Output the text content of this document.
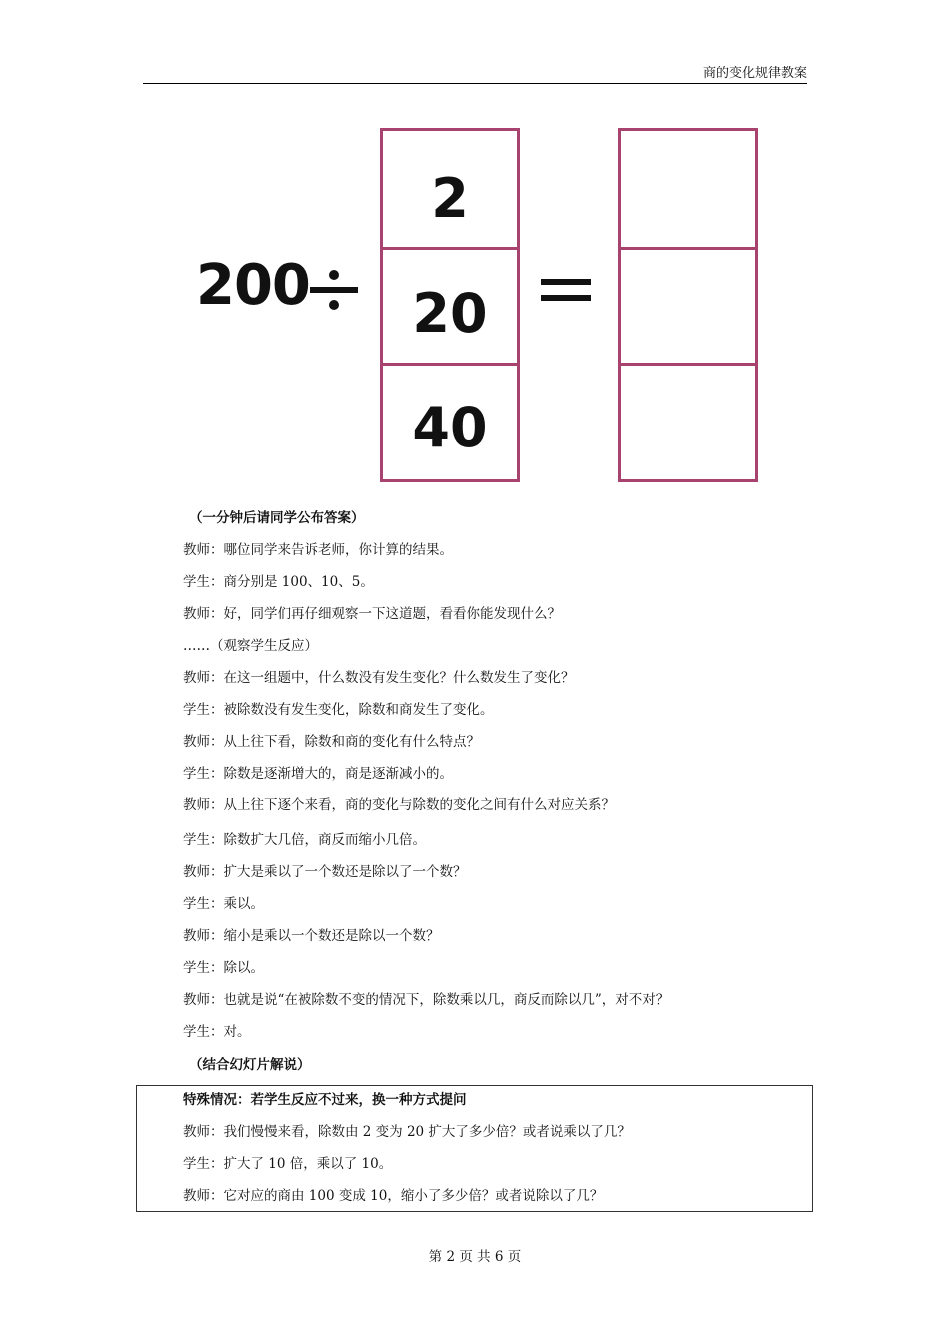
商的变化规律教案
200
2
20
40
（一分钟后请同学公布答案）
教师：哪位同学来告诉老师，你计算的结果。
学生：商分别是 100、10、5。
教师：好，同学们再仔细观察一下这道题，看看你能发现什么？
……（观察学生反应）
教师：在这一组题中，什么数没有发生变化？什么数发生了变化？
学生：被除数没有发生变化，除数和商发生了变化。
教师：从上往下看，除数和商的变化有什么特点？
学生：除数是逐渐增大的，商是逐渐减小的。
教师：从上往下逐个来看，商的变化与除数的变化之间有什么对应关系？
学生：除数扩大几倍，商反而缩小几倍。
教师：扩大是乘以了一个数还是除以了一个数？
学生：乘以。
教师：缩小是乘以一个数还是除以一个数？
学生：除以。
教师：也就是说“在被除数不变的情况下，除数乘以几，商反而除以几”，对不对？
学生：对。
（结合幻灯片解说）
特殊情况：若学生反应不过来，换一种方式提问
教师：我们慢慢来看，除数由 2 变为 20 扩大了多少倍？或者说乘以了几？
学生：扩大了 10 倍，乘以了 10。
教师：它对应的商由 100 变成 10，缩小了多少倍？或者说除以了几？
第 2 页 共 6 页
